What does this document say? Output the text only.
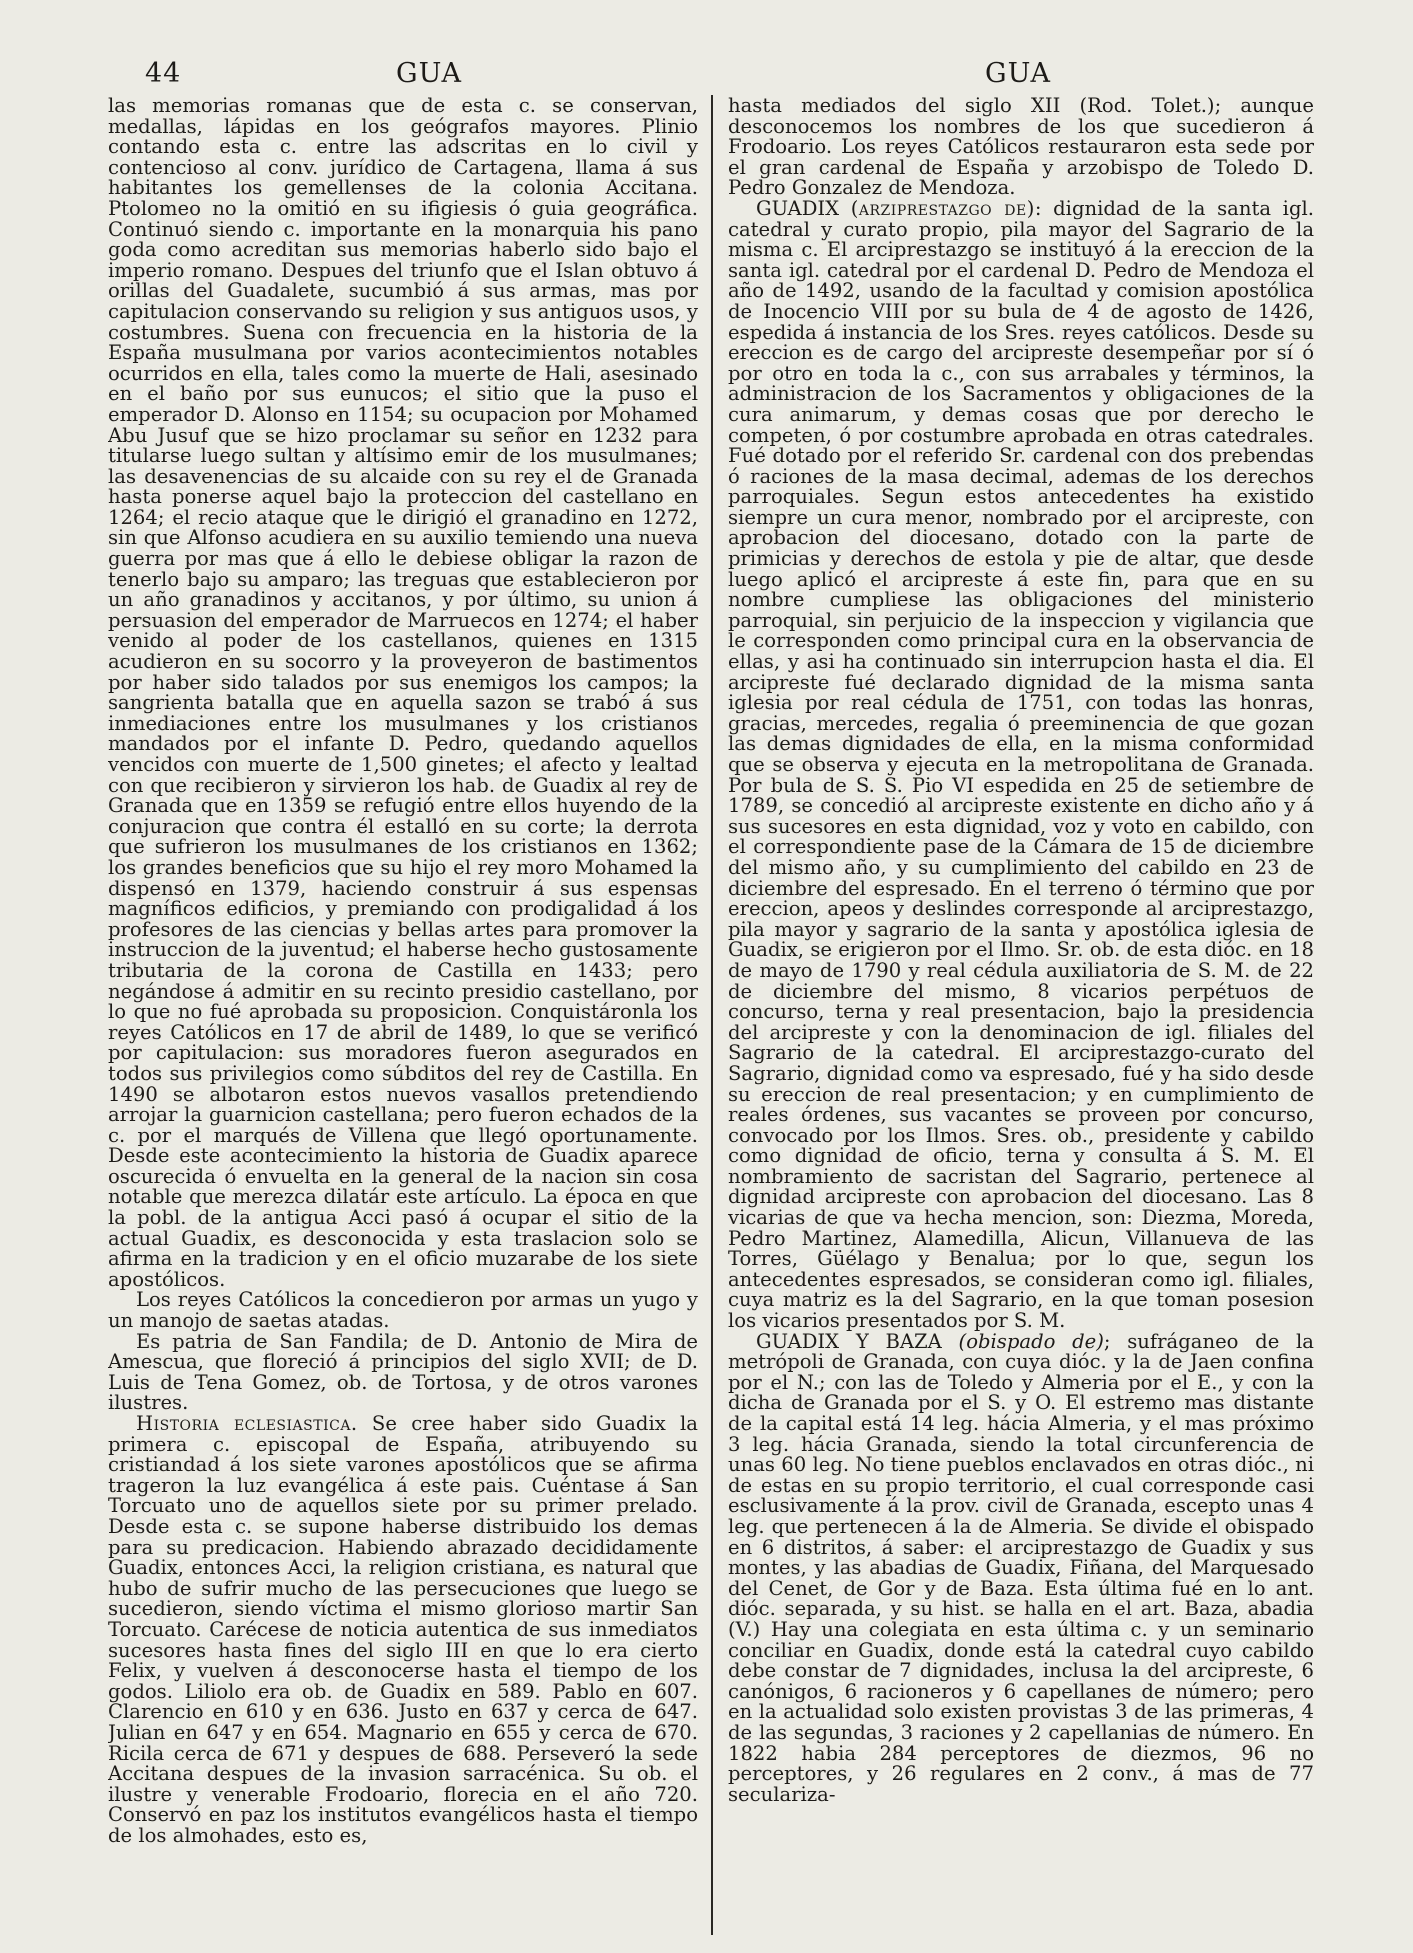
44	GUA	GUA

las memorias romanas que de esta c. se conservan, medallas, lápidas en los geógrafos mayores. Plinio contando esta c. entre las adscritas en lo civil y contencioso al conv. jurídico de Cartagena, llama á sus habitantes los gemellenses de la colonia Accitana. Ptolomeo no la omitió en su ifigiesis ó guia geográfica. Continuó siendo c. importante en la monarquia his pano goda como acreditan sus memorias haberlo sido bajo el imperio romano. Despues del triunfo que el Islan obtuvo á orillas del Guadalete, sucumbió á sus armas, mas por capitulacion conservando su religion y sus antiguos usos, y costumbres. Suena con frecuencia en la historia de la España musulmana por varios acontecimientos notables ocurridos en ella, tales como la muerte de Hali, asesinado en el baño por sus eunucos; el sitio que la puso el emperador D. Alonso en 1154; su ocupacion por Mohamed Abu Jusuf que se hizo proclamar su señor en 1232 para titularse luego sultan y altísimo emir de los musulmanes; las desavenencias de su alcaide con su rey el de Granada hasta ponerse aquel bajo la proteccion del castellano en 1264; el recio ataque que le dirigió el granadino en 1272, sin que Alfonso acudiera en su auxilio temiendo una nueva guerra por mas que á ello le debiese obligar la razon de tenerlo bajo su amparo; las treguas que establecieron por un año granadinos y accitanos, y por último, su union á persuasion del emperador de Marruecos en 1274; el haber venido al poder de los castellanos, quienes en 1315 acudieron en su socorro y la proveyeron de bastimentos por haber sido talados por sus enemigos los campos; la sangrienta batalla que en aquella sazon se trabó á sus inmediaciones entre los musulmanes y los cristianos mandados por el infante D. Pedro, quedando aquellos vencidos con muerte de 1,500 ginetes; el afecto y lealtad con que recibieron y sirvieron los hab. de Guadix al rey de Granada que en 1359 se refugió entre ellos huyendo de la conjuracion que contra él estalló en su corte; la derrota que sufrieron los musulmanes de los cristianos en 1362; los grandes beneficios que su hijo el rey moro Mohamed la dispensó en 1379, haciendo construir á sus espensas magníficos edificios, y premiando con prodigalidad á los profesores de las ciencias y bellas artes para promover la instruccion de la juventud; el haberse hecho gustosamente tributaria de la corona de Castilla en 1433; pero negándose á admitir en su recinto presidio castellano, por lo que no fué aprobada su proposicion. Conquistáronla los reyes Católicos en 17 de abril de 1489, lo que se verificó por capitulacion: sus moradores fueron asegurados en todos sus privilegios como súbditos del rey de Castilla. En 1490 se albotaron estos nuevos vasallos pretendiendo arrojar la guarnicion castellana; pero fueron echados de la c. por el marqués de Villena que llegó oportunamente. Desde este acontecimiento la historia de Guadix aparece oscurecida ó envuelta en la general de la nacion sin cosa notable que merezca dilatár este artículo. La época en que la pobl. de la antigua Acci pasó á ocupar el sitio de la actual Guadix, es desconocida y esta traslacion solo se afirma en la tradicion y en el oficio muzarabe de los siete apostólicos.

Los reyes Católicos la concedieron por armas un yugo y un manojo de saetas atadas.

Es patria de San Fandila; de D. Antonio de Mira de Amescua, que floreció á principios del siglo XVII; de D. Luis de Tena Gomez, ob. de Tortosa, y de otros varones ilustres.

Historia eclesiastica. Se cree haber sido Guadix la primera c. episcopal de España, atribuyendo su cristiandad á los siete varones apostólicos que se afirma trageron la luz evangélica á este pais. Cuéntase á San Torcuato uno de aquellos siete por su primer prelado. Desde esta c. se supone haberse distribuido los demas para su predicacion. Habiendo abrazado decididamente Guadix, entonces Acci, la religion cristiana, es natural que hubo de sufrir mucho de las persecuciones que luego se sucedieron, siendo víctima el mismo glorioso martir San Torcuato. Carécese de noticia autentica de sus inmediatos sucesores hasta fines del siglo III en que lo era cierto Felix, y vuelven á desconocerse hasta el tiempo de los godos. Liliolo era ob. de Guadix en 589. Pablo en 607. Clarencio en 610 y en 636. Justo en 637 y cerca de 647. Julian en 647 y en 654. Magnario en 655 y cerca de 670. Ricila cerca de 671 y despues de 688. Perseveró la sede Accitana despues de la invasion sarracénica. Su ob. el ilustre y venerable Frodoario, florecia en el año 720. Conservó en paz los institutos evangélicos hasta el tiempo de los almohades, esto es,

hasta mediados del siglo XII (Rod. Tolet.); aunque desconocemos los nombres de los que sucedieron á Frodoario. Los reyes Católicos restauraron esta sede por el gran cardenal de España y arzobispo de Toledo D. Pedro Gonzalez de Mendoza.

GUADIX (arziprestazgo de): dignidad de la santa igl. catedral y curato propio, pila mayor del Sagrario de la misma c. El arciprestazgo se instituyó á la ereccion de la santa igl. catedral por el cardenal D. Pedro de Mendoza el año de 1492, usando de la facultad y comision apostólica de Inocencio VIII por su bula de 4 de agosto de 1426, espedida á instancia de los Sres. reyes católicos. Desde su ereccion es de cargo del arcipreste desempeñar por sí ó por otro en toda la c., con sus arrabales y términos, la administracion de los Sacramentos y obligaciones de la cura animarum, y demas cosas que por derecho le competen, ó por costumbre aprobada en otras catedrales. Fué dotado por el referido Sr. cardenal con dos prebendas ó raciones de la masa decimal, ademas de los derechos parroquiales. Segun estos antecedentes ha existido siempre un cura menor, nombrado por el arcipreste, con aprobacion del diocesano, dotado con la parte de primicias y derechos de estola y pie de altar, que desde luego aplicó el arcipreste á este fin, para que en su nombre cumpliese las obligaciones del ministerio parroquial, sin perjuicio de la inspeccion y vigilancia que le corresponden como principal cura en la observancia de ellas, y asi ha continuado sin interrupcion hasta el dia. El arcipreste fué declarado dignidad de la misma santa iglesia por real cédula de 1751, con todas las honras, gracias, mercedes, regalia ó preeminencia de que gozan las demas dignidades de ella, en la misma conformidad que se observa y ejecuta en la metropolitana de Granada. Por bula de S. S. Pio VI espedida en 25 de setiembre de 1789, se concedió al arcipreste existente en dicho año y á sus sucesores en esta dignidad, voz y voto en cabildo, con el correspondiente pase de la Cámara de 15 de diciembre del mismo año, y su cumplimiento del cabildo en 23 de diciembre del espresado. En el terreno ó término que por ereccion, apeos y deslindes corresponde al arciprestazgo, pila mayor y sagrario de la santa y apostólica iglesia de Guadix, se erigieron por el Ilmo. Sr. ob. de esta dióc. en 18 de mayo de 1790 y real cédula auxiliatoria de S. M. de 22 de diciembre del mismo, 8 vicarios perpétuos de concurso, terna y real presentacion, bajo la presidencia del arcipreste y con la denominacion de igl. filiales del Sagrario de la catedral. El arciprestazgo-curato del Sagrario, dignidad como va espresado, fué y ha sido desde su ereccion de real presentacion; y en cumplimiento de reales órdenes, sus vacantes se proveen por concurso, convocado por los Ilmos. Sres. ob., presidente y cabildo como dignidad de oficio, terna y consulta á S. M. El nombramiento de sacristan del Sagrario, pertenece al dignidad arcipreste con aprobacion del diocesano. Las 8 vicarias de que va hecha mencion, son: Diezma, Moreda, Pedro Martinez, Alamedilla, Alicun, Villanueva de las Torres, Güélago y Benalua; por lo que, segun los antecedentes espresados, se consideran como igl. filiales, cuya matriz es la del Sagrario, en la que toman posesion los vicarios presentados por S. M.

GUADIX Y BAZA (obispado de); sufráganeo de la metrópoli de Granada, con cuya dióc. y la de Jaen confina por el N.; con las de Toledo y Almeria por el E., y con la dicha de Granada por el S. y O. El estremo mas distante de la capital está 14 leg. hácia Almeria, y el mas próximo 3 leg. hácia Granada, siendo la total circunferencia de unas 60 leg. No tiene pueblos enclavados en otras dióc., ni de estas en su propio territorio, el cual corresponde casi esclusivamente á la prov. civil de Granada, escepto unas 4 leg. que pertenecen á la de Almeria. Se divide el obispado en 6 distritos, á saber: el arciprestazgo de Guadix y sus montes, y las abadias de Guadix, Fiñana, del Marquesado del Cenet, de Gor y de Baza. Esta última fué en lo ant. dióc. separada, y su hist. se halla en el art. Baza, abadia (V.) Hay una colegiata en esta última c. y un seminario conciliar en Guadix, donde está la catedral cuyo cabildo debe constar de 7 dignidades, inclusa la del arcipreste, 6 canónigos, 6 racioneros y 6 capellanes de número; pero en la actualidad solo existen provistas 3 de las primeras, 4 de las segundas, 3 raciones y 2 capellanias de número. En 1822 habia 284 perceptores de diezmos, 96 no perceptores, y 26 regulares en 2 conv., á mas de 77 seculariza-
